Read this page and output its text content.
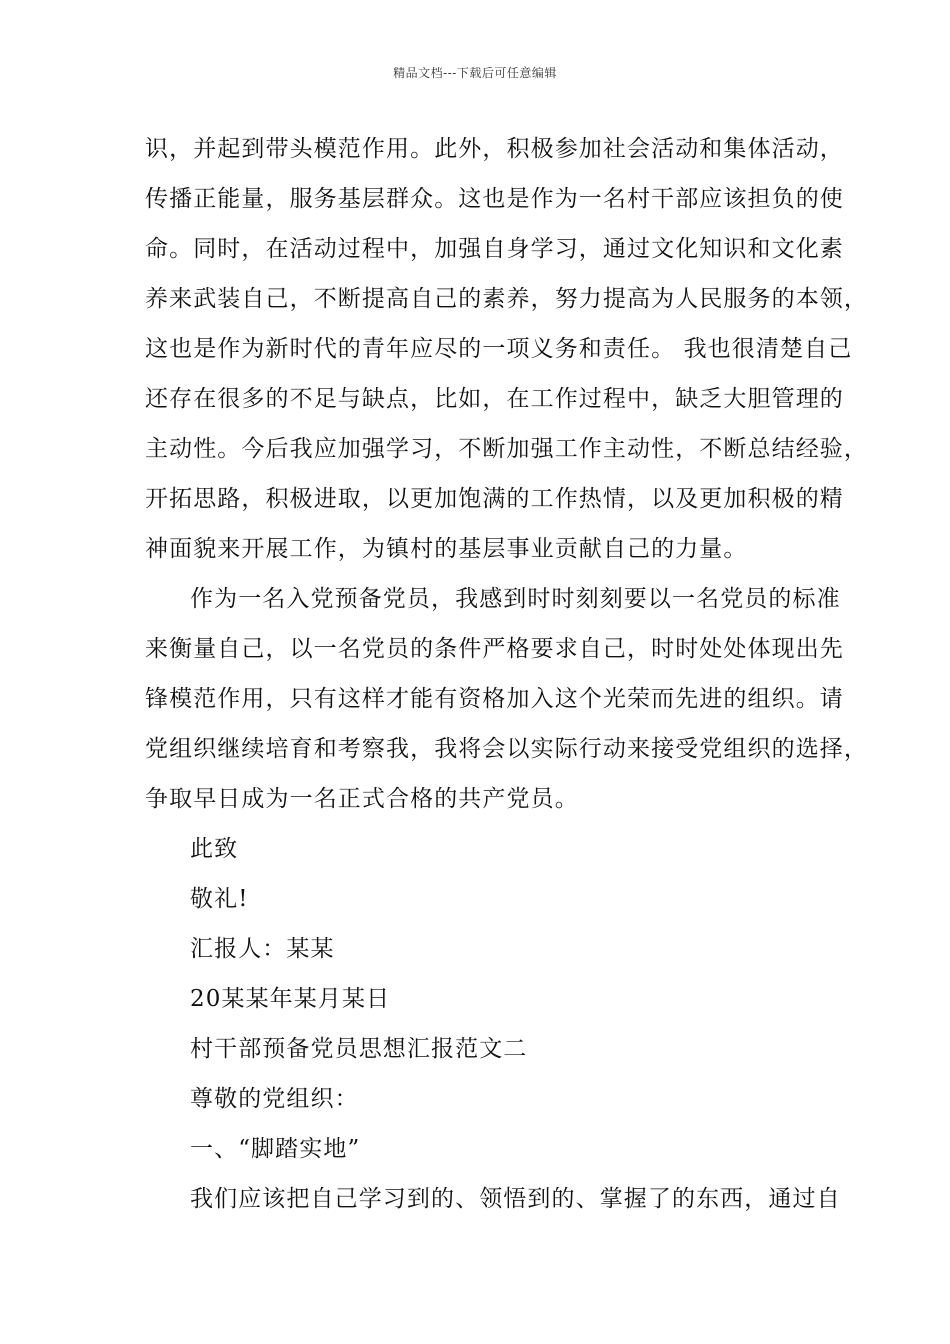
精品文档---下载后可任意编辑
识，并起到带头模范作用。此外，积极参加社会活动和集体活动，
传播正能量，服务基层群众。这也是作为一名村干部应该担负的使
命。同时，在活动过程中，加强自身学习，通过文化知识和文化素
养来武装自己，不断提高自己的素养，努力提高为人民服务的本领，
这也是作为新时代的青年应尽的一项义务和责任。 我也很清楚自己
还存在很多的不足与缺点，比如，在工作过程中，缺乏大胆管理的
主动性。今后我应加强学习，不断加强工作主动性，不断总结经验，
开拓思路，积极进取，以更加饱满的工作热情，以及更加积极的精
神面貌来开展工作，为镇村的基层事业贡献自己的力量。
作为一名入党预备党员，我感到时时刻刻要以一名党员的标准
来衡量自己，以一名党员的条件严格要求自己，时时处处体现出先
锋模范作用，只有这样才能有资格加入这个光荣而先进的组织。请
党组织继续培育和考察我，我将会以实际行动来接受党组织的选择，
争取早日成为一名正式合格的共产党员。
此致
敬礼!
汇报人：某某
20某某年某月某日
村干部预备党员思想汇报范文二
尊敬的党组织：
一、“脚踏实地”
我们应该把自己学习到的、领悟到的、掌握了的东西，通过自
